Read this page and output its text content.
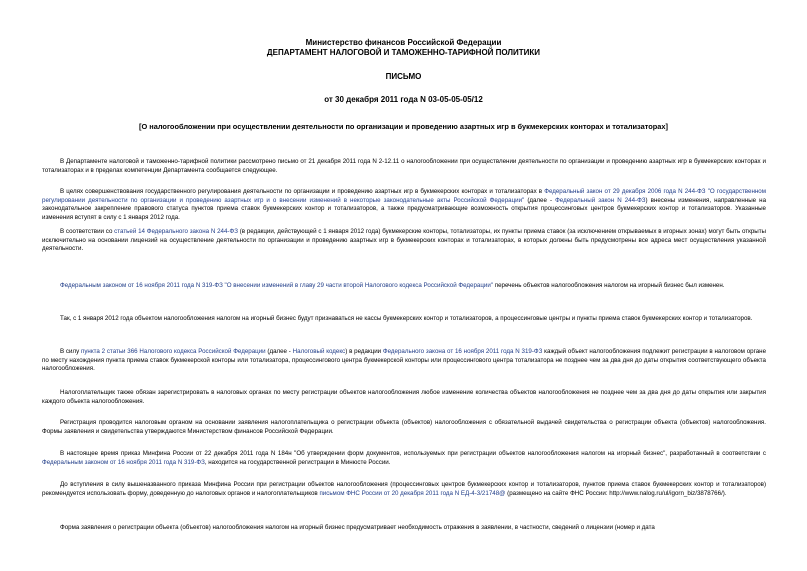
Министерство финансов Российской Федерации
ДЕПАРТАМЕНТ НАЛОГОВОЙ И ТАМОЖЕННО-ТАРИФНОЙ ПОЛИТИКИ
ПИСЬМО
от 30 декабря 2011 года N 03-05-05-05/12
[О налогообложении при осуществлении деятельности по организации и проведению азартных игр в букмекерских конторах и тотализаторах]

В Департаменте налоговой и таможенно-тарифной политики рассмотрено письмо от 21 декабря 2011 года N 2-12.11 о налогообложении при осуществлении деятельности по организации и проведению азартных игр в букмекерских конторах и тотализаторах и в пределах компетенции Департамента сообщается следующее.

В целях совершенствования государственного регулирования деятельности по организации и проведению азартных игр в букмекерских конторах и тотализаторах в Федеральный закон от 29 декабря 2006 года N 244-ФЗ "О государственном регулировании деятельности по организации и проведению азартных игр и о внесении изменений в некоторые законодательные акты Российской Федерации" (далее - Федеральный закон N 244-ФЗ) внесены изменения, направленные на законодательное закрепление правового статуса пунктов приема ставок букмекерских контор и тотализаторов, а также предусматривающие возможность открытия процессинговых центров букмекерских контор и тотализаторов. Указанные изменения вступят в силу с 1 января 2012 года.

В соответствии со статьей 14 Федерального закона N 244-ФЗ (в редакции, действующей с 1 января 2012 года) букмекерские конторы, тотализаторы, их пункты приема ставок (за исключением открываемых в игорных зонах) могут быть открыты исключительно на основании лицензий на осуществление деятельности по организации и проведению азартных игр в букмекерских конторах и тотализаторах, в которых должны быть предусмотрены все адреса мест осуществления указанной деятельности.

Федеральным законом от 16 ноября 2011 года N 319-ФЗ "О внесении изменений в главу 29 части второй Налогового кодекса Российской Федерации" перечень объектов налогообложения налогом на игорный бизнес был изменен.

Так, с 1 января 2012 года объектом налогообложения налогом на игорный бизнес будут признаваться не кассы букмекерских контор и тотализаторов, а процессинговые центры и пункты приема ставок букмекерских контор и тотализаторов.

В силу пункта 2 статьи 366 Налогового кодекса Российской Федерации (далее - Налоговый кодекс) в редакции Федерального закона от 16 ноября 2011 года N 319-ФЗ каждый объект налогообложения подлежит регистрации в налоговом органе по месту нахождения пункта приема ставок букмекерской конторы или тотализатора, процессингового центра букмекерской конторы или процессингового центра тотализатора не позднее чем за два дня до даты открытия соответствующего объекта налогообложения.

Налогоплательщик также обязан зарегистрировать в налоговых органах по месту регистрации объектов налогообложения любое изменение количества объектов налогообложения не позднее чем за два дня до даты открытия или закрытия каждого объекта налогообложения.

Регистрация проводится налоговым органом на основании заявления налогоплательщика о регистрации объекта (объектов) налогообложения с обязательной выдачей свидетельства о регистрации объекта (объектов) налогообложения. Формы заявления и свидетельства утверждаются Министерством финансов Российской Федерации.

В настоящее время приказ Минфина России от 22 декабря 2011 года N 184н "Об утверждении форм документов, используемых при регистрации объектов налогообложения налогом на игорный бизнес", разработанный в соответствии с Федеральным законом от 16 ноября 2011 года N 319-ФЗ, находится на государственной регистрации в Минюсте России.

До вступления в силу вышеназванного приказа Минфина России при регистрации объектов налогообложения (процессинговых центров букмекерских контор и тотализаторов, пунктов приема ставок букмекерских контор и тотализаторов) рекомендуется использовать форму, доведенную до налоговых органов и налогоплательщиков письмом ФНС России от 20 декабря 2011 года N ЕД-4-3/21748@ (размещено на сайте ФНС России: http://www.nalog.ru/ul/igorn_biz/3878766/).

Форма заявления о регистрации объекта (объектов) налогообложения налогом на игорный бизнес предусматривает необходимость отражения в заявлении, в частности, сведений о лицензии (номер и дата
